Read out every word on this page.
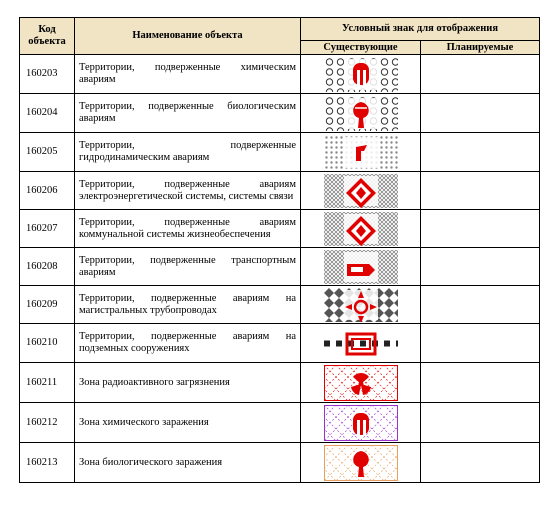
Код объекта	Наименование объекта	Условный знак для отображения	
		Существующие	Планируемые
160203	Территории, подверженные химическим авариям	

160204	Территории, подверженные биологическим авариям	

160205	Территории, подверженные гидродинамическим авариям	

160206	Территории, подверженные авариям электроэнергетической системы, системы связи	

160207	Территории, подверженные авариям коммунальной системы жизнеобеспечения	

160208	Территории, подверженные транспортным авариям	

160209	Территории, подверженные авариям на магистральных трубопроводах	

160210	Территории, подверженные авариям на подземных сооружениях	

160211	Зона радиоактивного загрязнения	

160212	Зона химического заражения	

160213	Зона биологического заражения	
